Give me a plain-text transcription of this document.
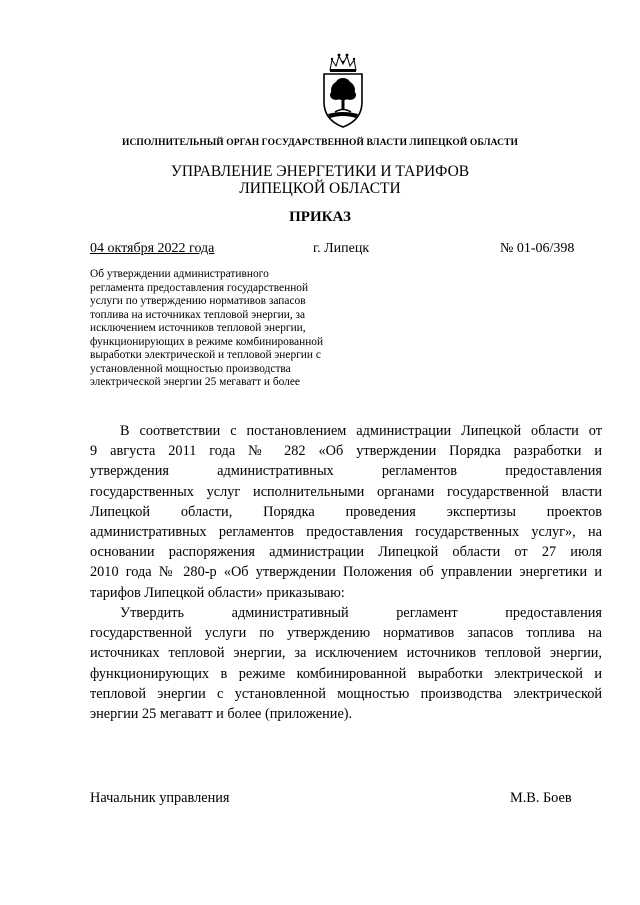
ИСПОЛНИТЕЛЬНЫЙ ОРГАН ГОСУДАРСТВЕННОЙ ВЛАСТИ ЛИПЕЦКОЙ ОБЛАСТИ
УПРАВЛЕНИЕ ЭНЕРГЕТИКИ И ТАРИФОВ
ЛИПЕЦКОЙ ОБЛАСТИ
ПРИКАЗ
04 октября 2022 года	г. Липецк	№ 01-06/398
Об утверждении административного
регламента предоставления государственной
услуги по утверждению нормативов запасов
топлива на источниках тепловой энергии, за
исключением источников тепловой энергии,
функционирующих в режиме комбинированной
выработки электрической и тепловой энергии с
установленной мощностью производства
электрической энергии 25 мегаватт и более
В соответствии с постановлением администрации Липецкой области от
9 августа 2011 года № 282 «Об утверждении Порядка разработки и
утверждения административных регламентов предоставления
государственных услуг исполнительными органами государственной власти
Липецкой области, Порядка проведения экспертизы проектов
административных регламентов предоставления государственных услуг», на
основании распоряжения администрации Липецкой области от 27 июля
2010 года № 280-р «Об утверждении Положения об управлении энергетики и
тарифов Липецкой области» приказываю:
Утвердить административный регламент предоставления
государственной услуги по утверждению нормативов запасов топлива на
источниках тепловой энергии, за исключением источников тепловой энергии,
функционирующих в режиме комбинированной выработки электрической и
тепловой энергии с установленной мощностью производства электрической
энергии 25 мегаватт и более (приложение).
Начальник управления	М.В. Боев
